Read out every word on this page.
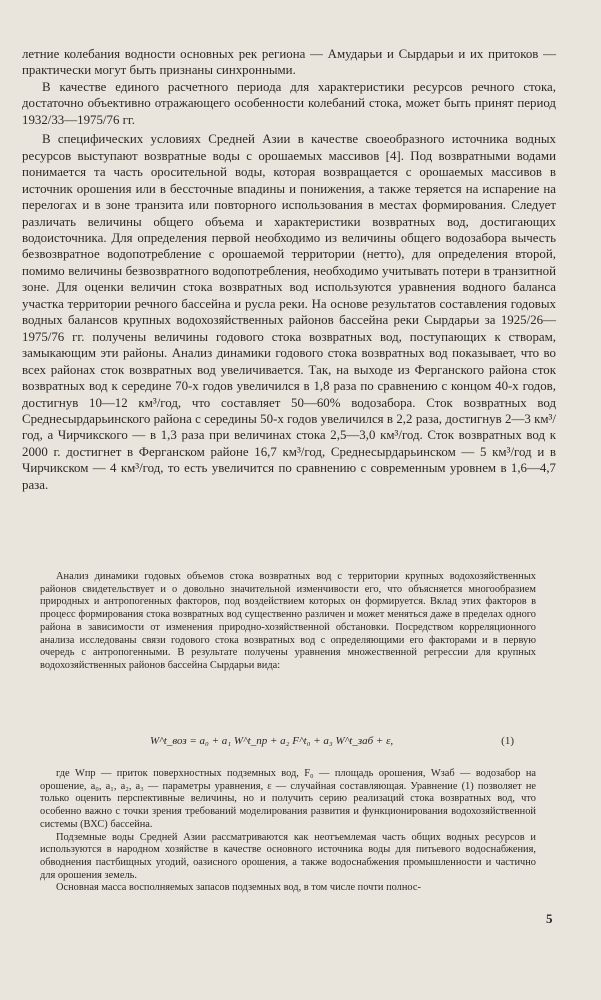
летние колебания водности основных рек региона — Амударьи и Сырдарьи и их притоков — практически могут быть признаны синхронными.

В качестве единого расчетного периода для характеристики ресурсов речного стока, достаточно объективно отражающего особенности колебаний стока, может быть принят период 1932/33—1975/76 гг.

В специфических условиях Средней Азии в качестве своеобразного источника водных ресурсов выступают возвратные воды с орошаемых массивов [4]. Под возвратными водами понимается та часть оросительной воды, которая возвращается с орошаемых массивов в источник орошения или в бессточные впадины и понижения, а также теряется на испарение на перелогах и в зоне транзита или повторного использования в местах формирования. Следует различать величины общего объема и характеристики возвратных вод, достигающих водоисточника. Для определения первой необходимо из величины общего водозабора вычесть безвозвратное водопотребление с орошаемой территории (нетто), для определения второй, помимо величины безвозвратного водопотребления, необходимо учитывать потери в транзитной зоне. Для оценки величин стока возвратных вод используются уравнения водного баланса участка территории речного бассейна и русла реки. На основе результатов составления годовых водных балансов крупных водохозяйственных районов бассейна реки Сырдарьи за 1925/26—1975/76 гг. получены величины годового стока возвратных вод, поступающих к створам, замыкающим эти районы. Анализ динамики годового стока возвратных вод показывает, что во всех районах сток возвратных вод увеличивается. Так, на выходе из Ферганского района сток возвратных вод к середине 70-х годов увеличился в 1,8 раза по сравнению с концом 40-х годов, достигнув 10—12 км³/год, что составляет 50—60% водозабора. Сток возвратных вод Среднесырдарьинского района с середины 50-х годов увеличился в 2,2 раза, достигнув 2—3 км³/год, а Чирчикского — в 1,3 раза при величинах стока 2,5—3,0 км³/год. Сток возвратных вод к 2000 г. достигнет в Ферганском районе 16,7 км³/год, Среднесырдарьинском — 5 км³/год и в Чирчикском — 4 км³/год, то есть увеличится по сравнению с современным уровнем в 1,6—4,7 раза.

Анализ динамики годовых объемов стока возвратных вод с территории крупных водохозяйственных районов свидетельствует и о довольно значительной изменчивости его, что объясняется многообразием природных и антропогенных факторов, под воздействием которых он формируется. Вклад этих факторов в процесс формирования стока возвратных вод существенно различен и может меняться даже в пределах одного района в зависимости от изменения природно-хозяйственной обстановки. Посредством корреляционного анализа исследованы связи годового стока возвратных вод с определяющими его факторами и в первую очередь с антропогенными. В результате получены уравнения множественной регрессии для крупных водохозяйственных районов бассейна Сырдарьи вида:

W^t_воз = a₀ + a₁ W^t_пр + a₂ F^t₀ + a₃ W^t_заб + ε,	(1)

где Wпр — приток поверхностных подземных вод, F₀ — площадь орошения, Wзаб — водозабор на орошение, a₀, a₁, a₂, a₃ — параметры уравнения, ε — случайная составляющая. Уравнение (1) позволяет не только оценить перспективные величины, но и получить серию реализаций стока возвратных вод, что особенно важно с точки зрения требований моделирования развития и функционирования водохозяйственной системы (ВХС) бассейна.

Подземные воды Средней Азии рассматриваются как неотъемлемая часть общих водных ресурсов и используются в народном хозяйстве в качестве основного источника воды для питьевого водоснабжения, обводнения пастбищных угодий, оазисного орошения, а также водоснабжения промышленности и частично для орошения земель.

Основная масса восполняемых запасов подземных вод, в том числе почти полнос-

5
